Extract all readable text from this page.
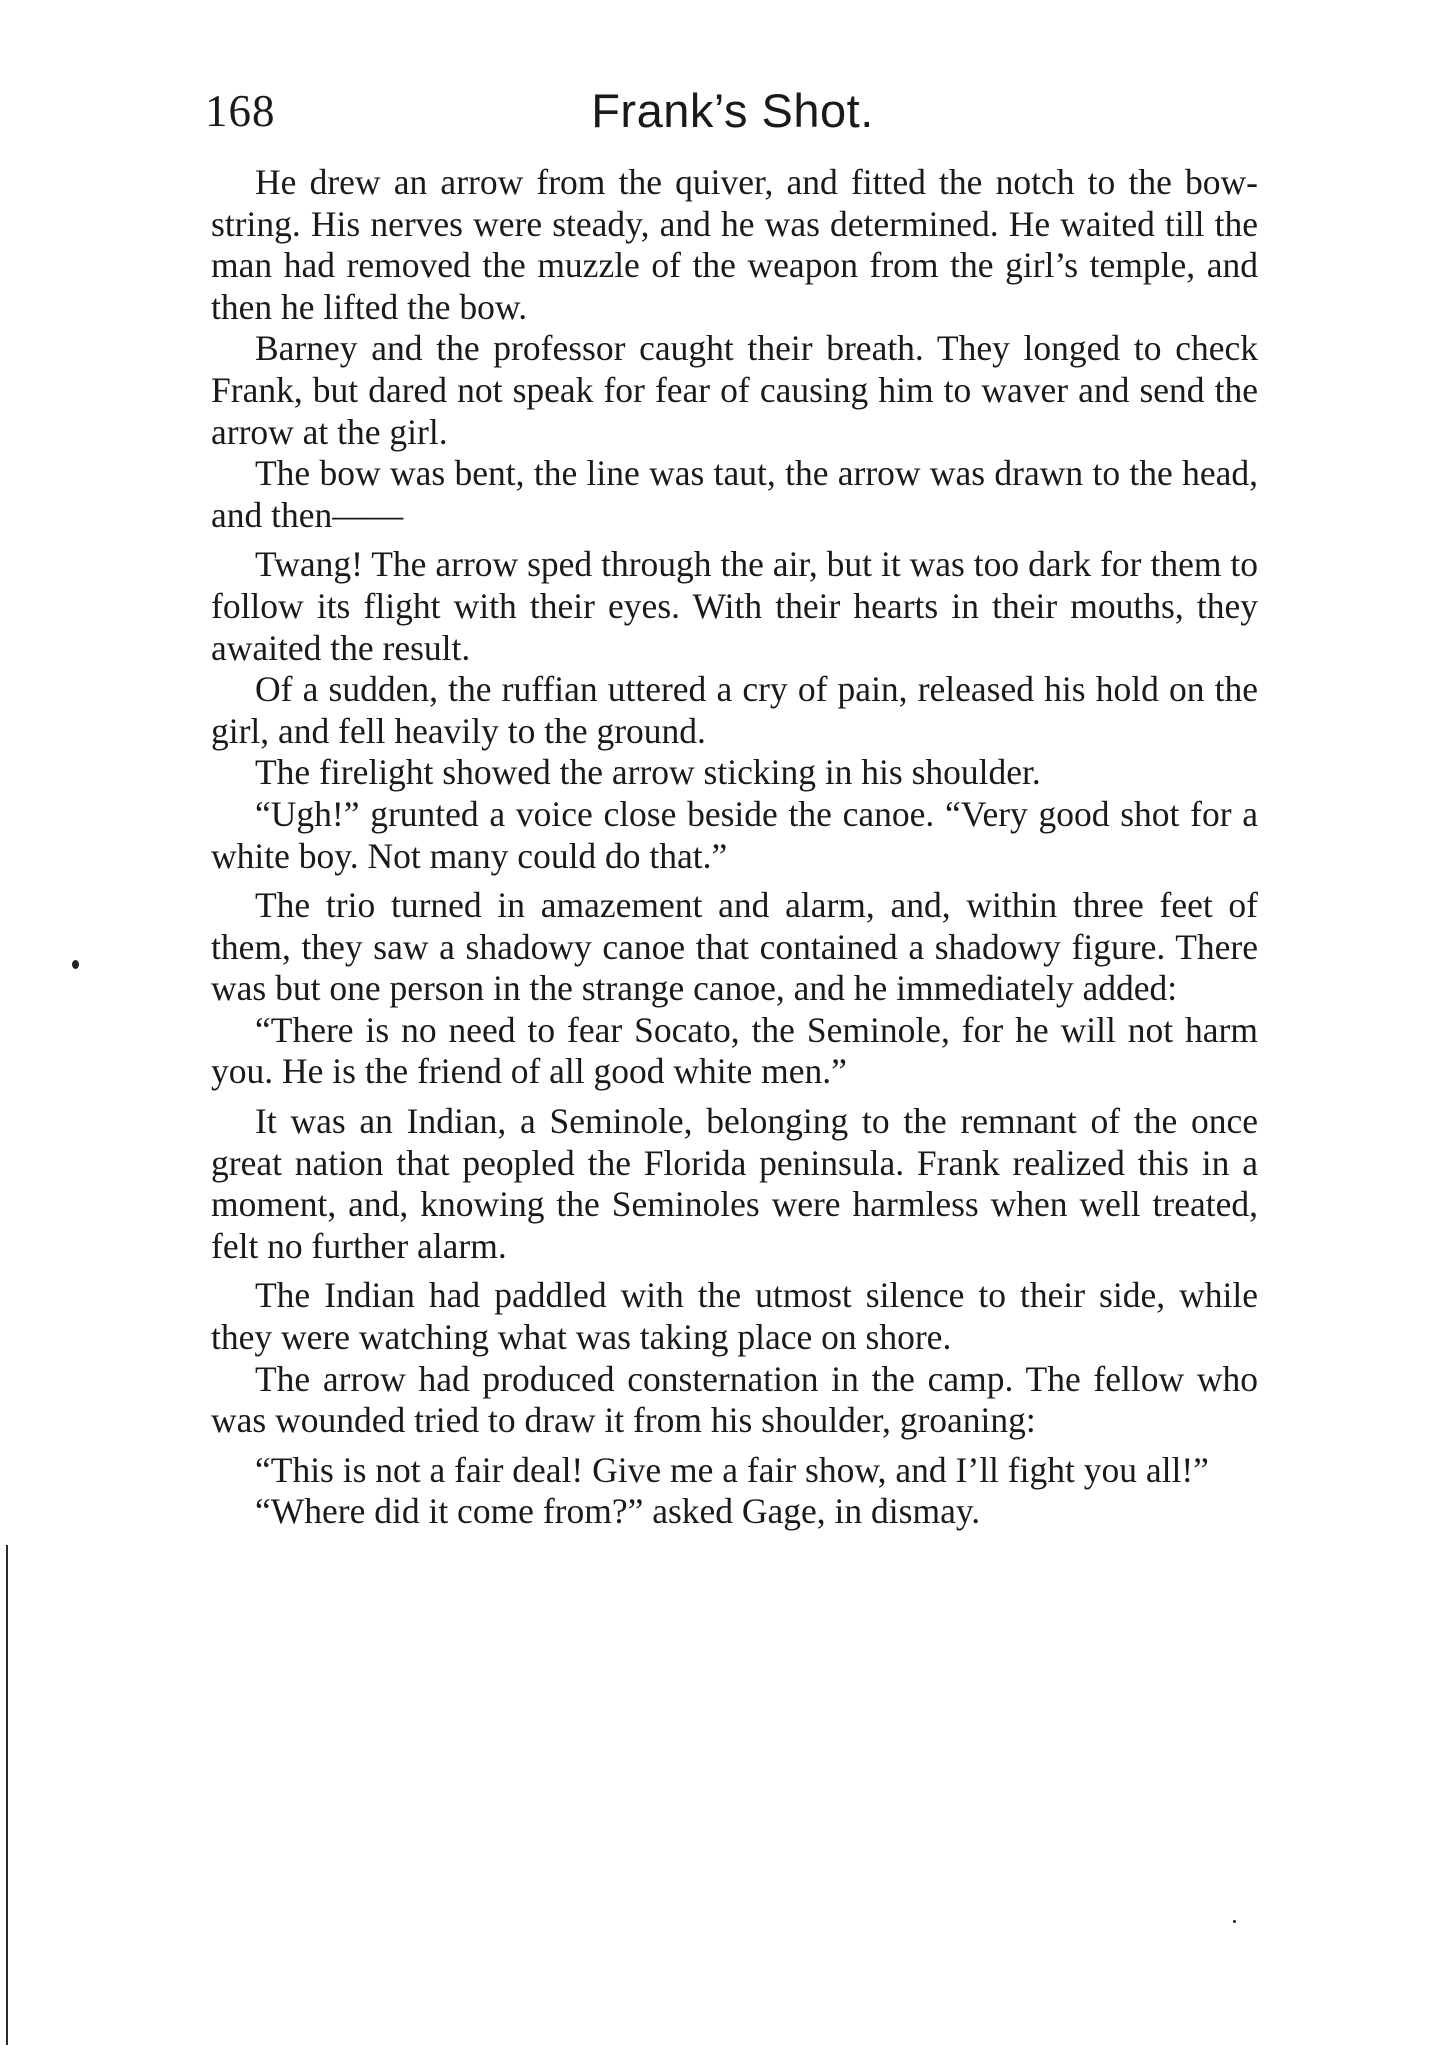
168	Frank’s Shot.

He drew an arrow from the quiver, and fitted the notch to the bow-string. His nerves were steady, and he was determined. He waited till the man had removed the muzzle of the weapon from the girl’s temple, and then he lifted the bow.

Barney and the professor caught their breath. They longed to check Frank, but dared not speak for fear of causing him to waver and send the arrow at the girl.

The bow was bent, the line was taut, the arrow was drawn to the head, and then——

Twang! The arrow sped through the air, but it was too dark for them to follow its flight with their eyes. With their hearts in their mouths, they awaited the result.

Of a sudden, the ruffian uttered a cry of pain, released his hold on the girl, and fell heavily to the ground.

The firelight showed the arrow sticking in his shoulder.

“Ugh!” grunted a voice close beside the canoe. “Very good shot for a white boy. Not many could do that.”

The trio turned in amazement and alarm, and, within three feet of them, they saw a shadowy canoe that contained a shadowy figure. There was but one person in the strange canoe, and he immediately added:

“There is no need to fear Socato, the Seminole, for he will not harm you. He is the friend of all good white men.”

It was an Indian, a Seminole, belonging to the remnant of the once great nation that peopled the Florida peninsula. Frank realized this in a moment, and, knowing the Seminoles were harmless when well treated, felt no further alarm.

The Indian had paddled with the utmost silence to their side, while they were watching what was taking place on shore.

The arrow had produced consternation in the camp. The fellow who was wounded tried to draw it from his shoulder, groaning:

“This is not a fair deal! Give me a fair show, and I’ll fight you all!”

“Where did it come from?” asked Gage, in dismay.
